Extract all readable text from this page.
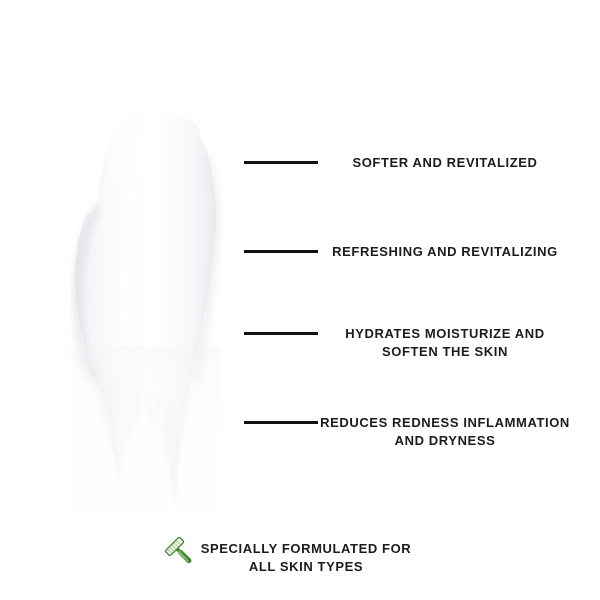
SOFTER AND REVITALIZED
REFRESHING AND REVITALIZING
HYDRATES MOISTURIZE AND SOFTEN THE SKIN
REDUCES REDNESS INFLAMMATION AND DRYNESS
SPECIALLY FORMULATED FOR ALL SKIN TYPES
